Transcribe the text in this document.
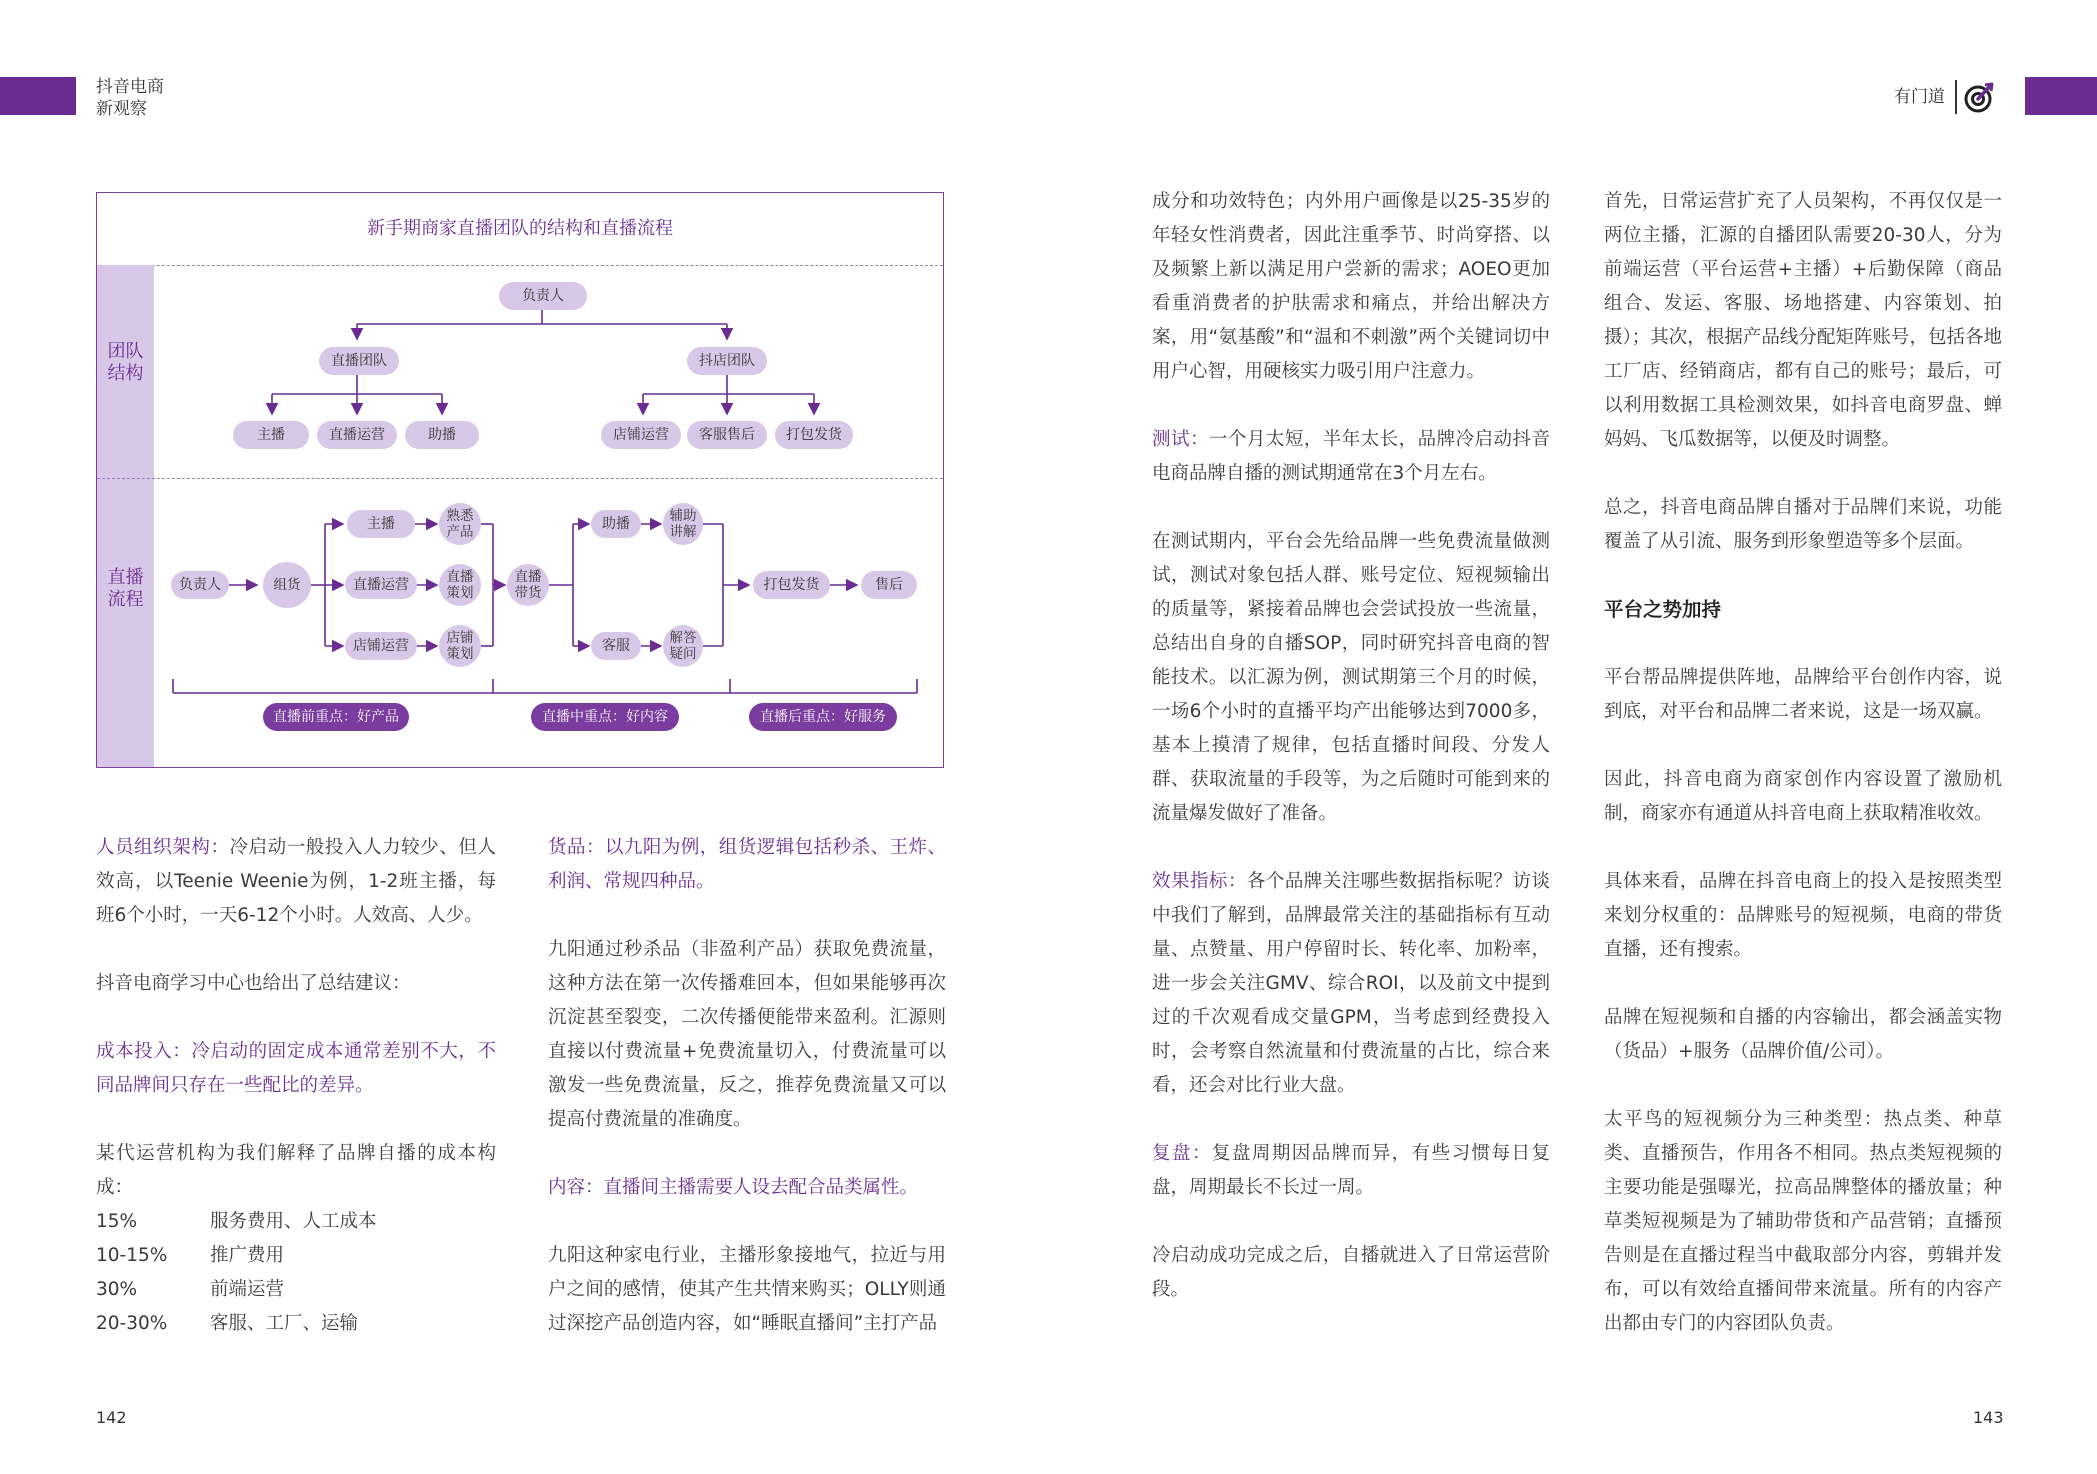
抖音电商
新观察
有门道
新手期商家直播团队的结构和直播流程
团队
结构
直播
流程
负责人
直播团队	抖店团队
主播	直播运营	助播	店铺运营	客服售后	打包发货
负责人	组货
主播
直播运营
店铺运营
熟悉
产品
直播
策划
店铺
策划
直播
带货
助播
客服
辅助
讲解
解答
疑问
打包发货	售后
直播前重点：好产品	直播中重点：好内容	直播后重点：好服务

人员组织架构：冷启动一般投入人力较少、但人效高，以Teenie Weenie为例，1-2班主播，每班6个小时，一天6-12个小时。人效高、人少。

抖音电商学习中心也给出了总结建议：

成本投入：冷启动的固定成本通常差别不大，不同品牌间只存在一些配比的差异。

某代运营机构为我们解释了品牌自播的成本构成：

15%	服务费用、人工成本
10-15%	推广费用
30%	前端运营
20-30%	客服、工厂、运输

货品：以九阳为例，组货逻辑包括秒杀、王炸、利润、常规四种品。

九阳通过秒杀品（非盈利产品）获取免费流量，这种方法在第一次传播难回本，但如果能够再次沉淀甚至裂变，二次传播便能带来盈利。汇源则直接以付费流量+免费流量切入，付费流量可以激发一些免费流量，反之，推荐免费流量又可以提高付费流量的准确度。

内容：直播间主播需要人设去配合品类属性。

九阳这种家电行业，主播形象接地气，拉近与用户之间的感情，使其产生共情来购买；OLLY则通过深挖产品创造内容，如“睡眠直播间”主打产品

成分和功效特色；内外用户画像是以25-35岁的年轻女性消费者，因此注重季节、时尚穿搭、以及频繁上新以满足用户尝新的需求；AOEO更加看重消费者的护肤需求和痛点，并给出解决方案，用“氨基酸”和“温和不刺激”两个关键词切中用户心智，用硬核实力吸引用户注意力。

测试：一个月太短，半年太长，品牌冷启动抖音电商品牌自播的测试期通常在3个月左右。

在测试期内，平台会先给品牌一些免费流量做测试，测试对象包括人群、账号定位、短视频输出的质量等，紧接着品牌也会尝试投放一些流量，总结出自身的自播SOP，同时研究抖音电商的智能技术。以汇源为例，测试期第三个月的时候，一场6个小时的直播平均产出能够达到7000多，基本上摸清了规律，包括直播时间段、分发人群、获取流量的手段等，为之后随时可能到来的流量爆发做好了准备。

效果指标：各个品牌关注哪些数据指标呢？访谈中我们了解到，品牌最常关注的基础指标有互动量、点赞量、用户停留时长、转化率、加粉率，进一步会关注GMV、综合ROI，以及前文中提到过的千次观看成交量GPM，当考虑到经费投入时，会考察自然流量和付费流量的占比，综合来看，还会对比行业大盘。

复盘：复盘周期因品牌而异，有些习惯每日复盘，周期最长不长过一周。

冷启动成功完成之后，自播就进入了日常运营阶段。

首先，日常运营扩充了人员架构，不再仅仅是一两位主播，汇源的自播团队需要20-30人，分为前端运营（平台运营+主播）+后勤保障（商品组合、发运、客服、场地搭建、内容策划、拍摄）；其次，根据产品线分配矩阵账号，包括各地工厂店、经销商店，都有自己的账号；最后，可以利用数据工具检测效果，如抖音电商罗盘、蝉妈妈、飞瓜数据等，以便及时调整。

总之，抖音电商品牌自播对于品牌们来说，功能覆盖了从引流、服务到形象塑造等多个层面。

平台之势加持

平台帮品牌提供阵地，品牌给平台创作内容，说到底，对平台和品牌二者来说，这是一场双赢。

因此，抖音电商为商家创作内容设置了激励机制，商家亦有通道从抖音电商上获取精准收效。

具体来看，品牌在抖音电商上的投入是按照类型来划分权重的：品牌账号的短视频，电商的带货直播，还有搜索。

品牌在短视频和自播的内容输出，都会涵盖实物（货品）+服务（品牌价值/公司）。

太平鸟的短视频分为三种类型：热点类、种草类、直播预告，作用各不相同。热点类短视频的主要功能是强曝光，拉高品牌整体的播放量；种草类短视频是为了辅助带货和产品营销；直播预告则是在直播过程当中截取部分内容，剪辑并发布，可以有效给直播间带来流量。所有的内容产出都由专门的内容团队负责。

142	143
